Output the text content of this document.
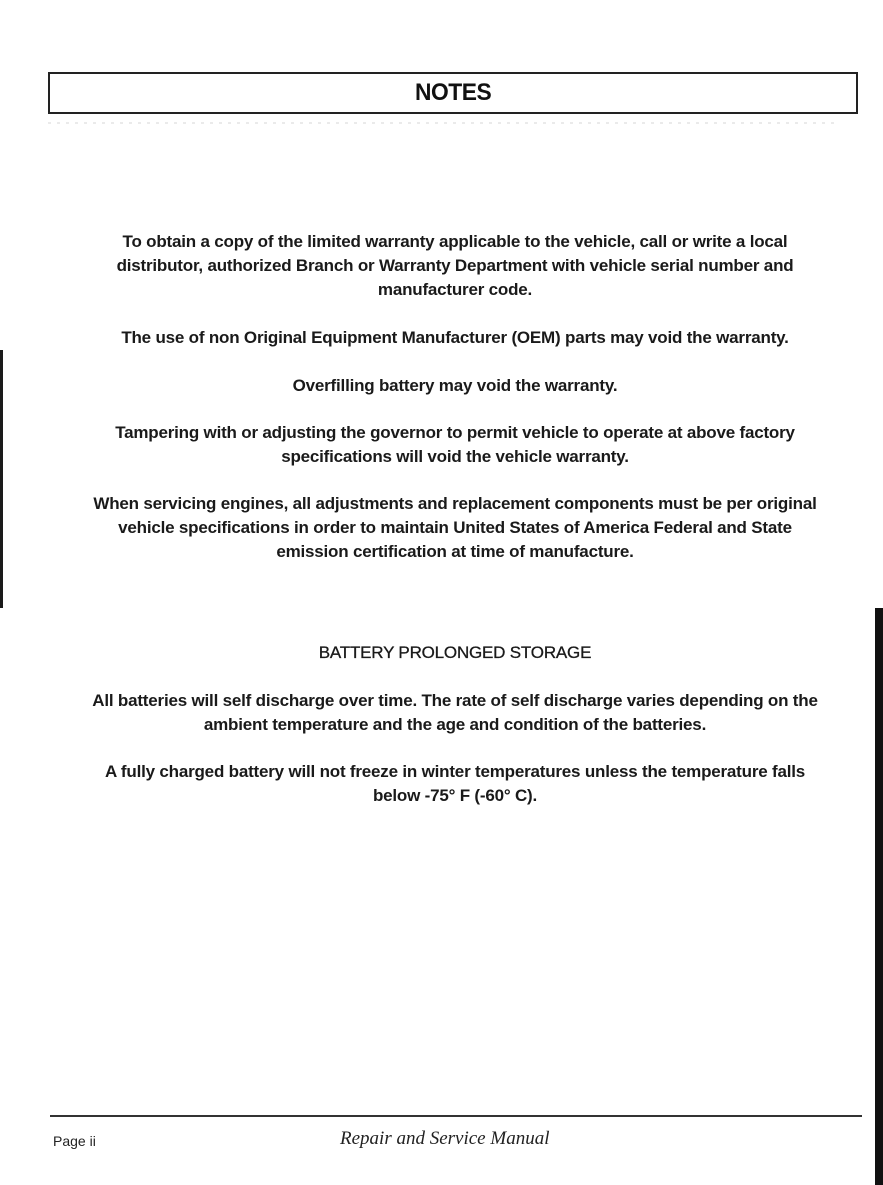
NOTES
To obtain a copy of the limited warranty applicable to the vehicle, call or write a local
distributor, authorized Branch or Warranty Department with vehicle serial number and
manufacturer code.
The use of non Original Equipment Manufacturer (OEM) parts may void the warranty.
Overfilling battery may void the warranty.
Tampering with or adjusting the governor to permit vehicle to operate at above factory
specifications will void the vehicle warranty.
When servicing engines, all adjustments and replacement components must be per original
vehicle specifications in order to maintain United States of America Federal and State
emission certification at time of manufacture.
BATTERY PROLONGED STORAGE
All batteries will self discharge over time. The rate of self discharge varies depending on the
ambient temperature and the age and condition of the batteries.
A fully charged battery will not freeze in winter temperatures unless the temperature falls
below -75° F (-60° C).
Page ii	Repair and Service Manual
